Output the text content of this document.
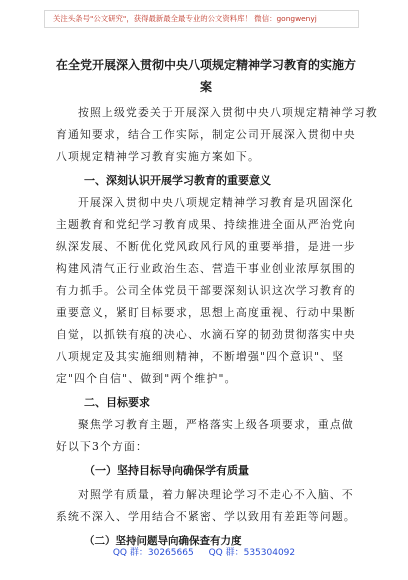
关注头条号"公文研究"，获得最新最全最专业的公文资料库！ 微信：gongwenyj
在全党开展深入贯彻中央八项规定精神学习教育的实施方
案
按照上级党委关于开展深入贯彻中央八项规定精神学习教
育通知要求，结合工作实际，制定公司开展深入贯彻中央
八项规定精神学习教育实施方案如下。
一、深刻认识开展学习教育的重要意义
开展深入贯彻中央八项规定精神学习教育是巩固深化
主题教育和党纪学习教育成果、持续推进全面从严治党向
纵深发展、不断优化党风政风行风的重要举措，是进一步
构建风清气正行业政治生态、营造干事业创业浓厚氛围的
有力抓手。公司全体党员干部要深刻认识这次学习教育的
重要意义，紧盯目标要求，思想上高度重视、行动中果断
自觉，以抓铁有痕的决心、水滴石穿的韧劲贯彻落实中央
八项规定及其实施细则精神，不断增强"四个意识"、坚
定"四个自信"、做到"两个维护"。
二、目标要求
聚焦学习教育主题，严格落实上级各项要求，重点做
好以下3个方面：
（一）坚持目标导向确保学有质量
对照学有质量，着力解决理论学习不走心不入脑、不
系统不深入、学用结合不紧密、学以致用有差距等问题。
（二）坚持问题导向确保查有力度
QQ 群：30265665 QQ 群：535304092
